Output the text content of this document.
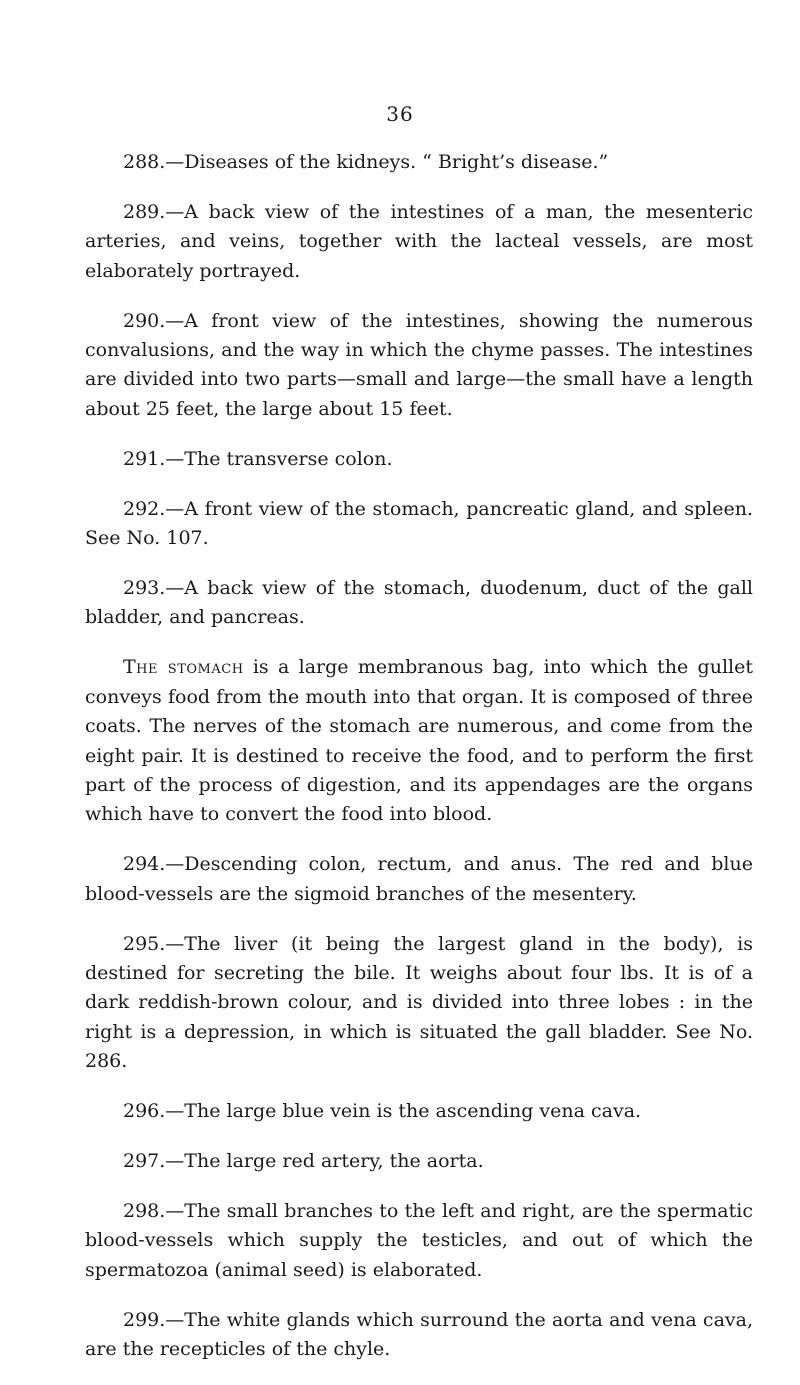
36

288.—Diseases of the kidneys. “ Bright’s disease.”

289.—A back view of the intestines of a man, the mesenteric arteries, and veins, together with the lacteal vessels, are most elaborately portrayed.

290.—A front view of the intestines, showing the numerous convalusions, and the way in which the chyme passes. The intestines are divided into two parts—small and large—the small have a length about 25 feet, the large about 15 feet.

291.—The transverse colon.

292.—A front view of the stomach, pancreatic gland, and spleen. See No. 107.

293.—A back view of the stomach, duodenum, duct of the gall bladder, and pancreas.

The stomach is a large membranous bag, into which the gullet conveys food from the mouth into that organ. It is composed of three coats. The nerves of the stomach are numerous, and come from the eight pair. It is destined to receive the food, and to perform the first part of the process of digestion, and its appendages are the organs which have to convert the food into blood.

294.—Descending colon, rectum, and anus. The red and blue blood-vessels are the sigmoid branches of the mesentery.

295.—The liver (it being the largest gland in the body), is destined for secreting the bile. It weighs about four lbs. It is of a dark reddish-brown colour, and is divided into three lobes : in the right is a depression, in which is situated the gall bladder. See No. 286.

296.—The large blue vein is the ascending vena cava.

297.—The large red artery, the aorta.

298.—The small branches to the left and right, are the spermatic blood-vessels which supply the testicles, and out of which the spermatozoa (animal seed) is elaborated.

299.—The white glands which surround the aorta and vena cava, are the recepticles of the chyle.
